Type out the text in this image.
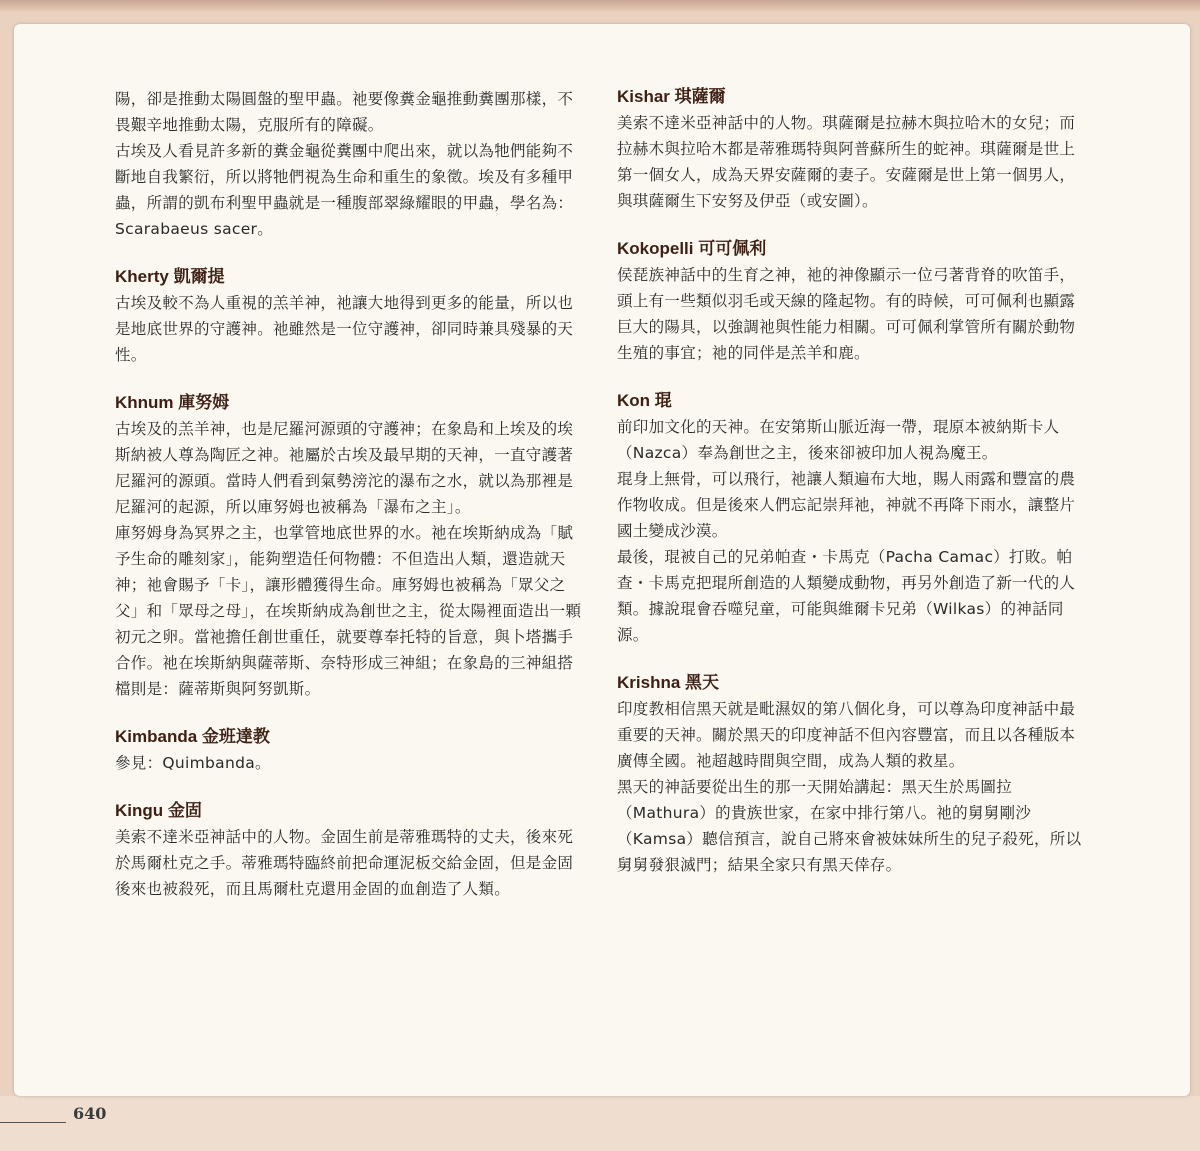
陽，卻是推動太陽圓盤的聖甲蟲。祂要像糞金龜推動糞團那樣，不畏艱辛地推動太陽，克服所有的障礙。

古埃及人看見許多新的糞金龜從糞團中爬出來，就以為牠們能夠不斷地自我繁衍，所以將牠們視為生命和重生的象徵。埃及有多種甲蟲，所謂的凱布利聖甲蟲就是一種腹部翠綠耀眼的甲蟲，學名為：Scarabaeus sacer。

Kherty 凱爾提

古埃及較不為人重視的羔羊神，祂讓大地得到更多的能量，所以也是地底世界的守護神。祂雖然是一位守護神，卻同時兼具殘暴的天性。

Khnum 庫努姆

古埃及的羔羊神，也是尼羅河源頭的守護神；在象島和上埃及的埃斯納被人尊為陶匠之神。祂屬於古埃及最早期的天神，一直守護著尼羅河的源頭。當時人們看到氣勢滂沱的瀑布之水，就以為那裡是尼羅河的起源，所以庫努姆也被稱為「瀑布之主」。

庫努姆身為冥界之主，也掌管地底世界的水。祂在埃斯納成為「賦予生命的雕刻家」，能夠塑造任何物體：不但造出人類，還造就天神；祂會賜予「卡」，讓形體獲得生命。庫努姆也被稱為「眾父之父」和「眾母之母」，在埃斯納成為創世之主，從太陽裡面造出一顆初元之卵。當祂擔任創世重任，就要尊奉托特的旨意，與卜塔攜手合作。祂在埃斯納與薩蒂斯、奈特形成三神組；在象島的三神組搭檔則是：薩蒂斯與阿努凱斯。

Kimbanda 金班達教

參見：Quimbanda。

Kingu 金固

美索不達米亞神話中的人物。金固生前是蒂雅瑪特的丈夫，後來死於馬爾杜克之手。蒂雅瑪特臨終前把命運泥板交給金固，但是金固後來也被殺死，而且馬爾杜克還用金固的血創造了人類。

Kishar 琪薩爾

美索不達米亞神話中的人物。琪薩爾是拉赫木與拉哈木的女兒；而拉赫木與拉哈木都是蒂雅瑪特與阿普蘇所生的蛇神。琪薩爾是世上第一個女人，成為天界安薩爾的妻子。安薩爾是世上第一個男人，與琪薩爾生下安努及伊亞（或安圖）。

Kokopelli 可可佩利

侯琵族神話中的生育之神，祂的神像顯示一位弓著背脊的吹笛手，頭上有一些類似羽毛或天線的隆起物。有的時候，可可佩利也顯露巨大的陽具，以強調祂與性能力相關。可可佩利掌管所有關於動物生殖的事宜；祂的同伴是羔羊和鹿。

Kon 琨

前印加文化的天神。在安第斯山脈近海一帶，琨原本被納斯卡人（Nazca）奉為創世之主，後來卻被印加人視為魔王。

琨身上無骨，可以飛行，祂讓人類遍布大地，賜人雨露和豐富的農作物收成。但是後來人們忘記崇拜祂，神就不再降下雨水，讓整片國土變成沙漠。

最後，琨被自己的兄弟帕查・卡馬克（Pacha Camac）打敗。帕查・卡馬克把琨所創造的人類變成動物，再另外創造了新一代的人類。據說琨會吞噬兒童，可能與維爾卡兄弟（Wilkas）的神話同源。

Krishna 黑天

印度教相信黑天就是毗濕奴的第八個化身，可以尊為印度神話中最重要的天神。關於黑天的印度神話不但內容豐富，而且以各種版本廣傳全國。祂超越時間與空間，成為人類的救星。

黑天的神話要從出生的那一天開始講起：黑天生於馬圖拉（Mathura）的貴族世家，在家中排行第八。祂的舅舅剛沙（Kamsa）聽信預言，說自己將來會被妹妹所生的兒子殺死，所以舅舅發狠滅門；結果全家只有黑天倖存。

640
